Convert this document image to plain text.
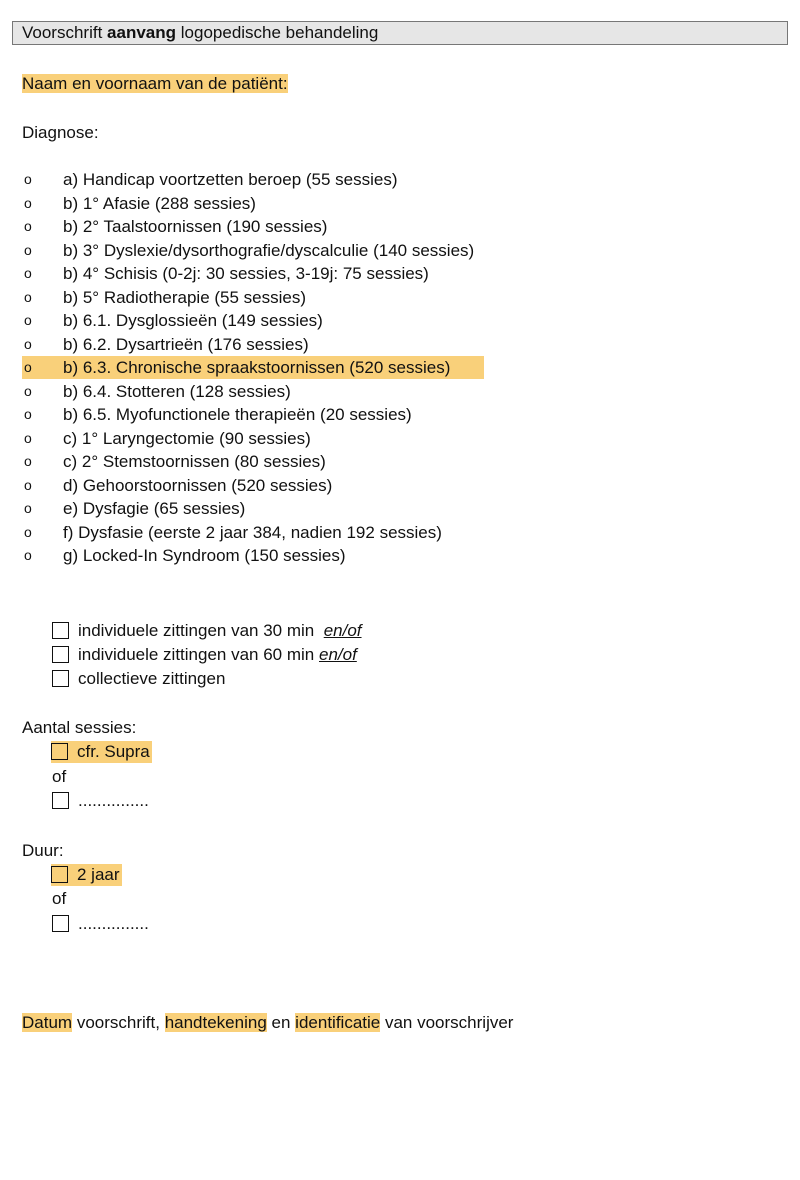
Voorschrift aanvang logopedische behandeling
Naam en voornaam van de patiënt:
Diagnose:
o a) Handicap voortzetten beroep (55 sessies)
o b) 1° Afasie (288 sessies)
o b) 2° Taalstoornissen (190 sessies)
o b) 3° Dyslexie/dysorthografie/dyscalculie (140 sessies)
o b) 4° Schisis (0-2j: 30 sessies, 3-19j: 75 sessies)
o b) 5° Radiotherapie (55 sessies)
o b) 6.1. Dysglossieën (149 sessies)
o b) 6.2. Dysartrieën (176 sessies)
o b) 6.3. Chronische spraakstoornissen (520 sessies)
o b) 6.4. Stotteren (128 sessies)
o b) 6.5. Myofunctionele therapieën (20 sessies)
o c) 1° Laryngectomie (90 sessies)
o c) 2° Stemstoornissen (80 sessies)
o d) Gehoorstoornissen (520 sessies)
o e) Dysfagie (65 sessies)
o f) Dysfasie (eerste 2 jaar 384, nadien 192 sessies)
o g) Locked-In Syndroom (150 sessies)
individuele zittingen van 30 min en/of
individuele zittingen van 60 min en/of
collectieve zittingen
Aantal sessies:
cfr. Supra
of
...............
Duur:
2 jaar
of
...............
Datum voorschrift, handtekening en identificatie van voorschrijver
